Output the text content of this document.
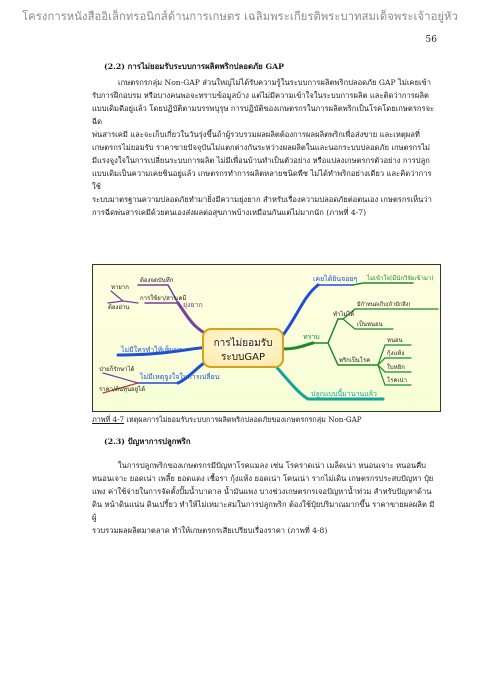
โครงการหนังสืออิเล็กทรอนิกส์ด้านการเกษตร เฉลิมพระเกียรติพระบาทสมเด็จพระเจ้าอยู่หัว
56
(2.2) การไม่ยอมรับระบบการผลิตพริกปลอดภัย GAP
เกษตรกรกลุ่ม Non-GAP ส่วนใหญ่ไม่ได้รับความรู้ในระบบการผลิตพริกปลอดภัย GAP ไม่เคยเข้า
รับการฝึกอบรม หรือบางคนพอจะทราบข้อมูลบ้าง แต่ไม่มีความเข้าใจในระบบการผลิต และติดว่าการผลิต
แบบเดิมดีอยู่แล้ว โดยปฏิบัติตามบรรพบุรุษ การปฏิบัติของเกษตรกรในการผลิตพริกเป็นโรคโดยเกษตรกรจะฉีด
พ่นสารเคมี และจะเก็บเกี่ยวในวันรุ่งขึ้นถ้าผู้รวบรวมผลผลิตต้องการผลผลิตพริกเพื่อส่งขาย และเหตุผลที่
เกษตรกรไม่ยอมรับ ราคาขายปัจจุบันไม่แตกต่างกันระหว่างผลผลิตในและนอกระบบปลอดภัย เกษตรกรไม่
มีแรงจูงใจในการเปลี่ยนระบบการผลิต ไม่มีเพื่อนบ้านทำเป็นตัวอย่าง หรือแปลงเกษตรกรตัวอย่าง การปลูก
แบบเดิมเป็นความเคยชินอยู่แล้ว เกษตรกรทำการผลิตหลายชนิดพืช ไม่ได้ทำพริกอย่างเดียว และคิดว่าการใช้
ระบบมาตรฐานความปลอดภัยทำมายิ่งมีความยุ่งยาก สำหรับเรื่องความปลอดภัยต่อตนเอง เกษตรกรเห็นว่า
การฉีดพ่นสารเคมีด้วยตนเองส่งผลต่อสุขภาพบ้างเหมือนกันแต่ไม่มากนัก (ภาพที่ 4-7)
การไม่ยอมรับ
ระบบGAP
ยุ่งยาก
ต้องจดบันทึก
การใช้ยา/สารเคมี
หายาก
ต้องอ่าน
ไม่มีใครทำให้เห็นผล
ไม่มีเหตุจูงใจในการเปลี่ยน
ป่ายก็รักษาได้
ราคา/ต้นทุนอยู่ได้
เคยได้ยินจอยๆ ไม่เข้าใจ(มีนักวิจัยเข้ามา)
ทราบ
ทำไม่ได้
มีกำหนดเก็บ(ถ้ามีกลึง)
เป็นหนอน
พริกเป็นโรค
หนอน
กุ้งแห้ง
ใบหยิก
โรคเน่า
ปลูกแบบนี้มานานแล้ว
ภาพที่ 4-7 เหตุผลการไม่ยอมรับระบบการผลิตพริกปลอดภัยของเกษตรกรกลุ่ม Non-GAP
(2.3) ปัญหาการปลูกพริก
ในการปลูกพริกของเกษตรกรมีปัญหาโรคแมลง เช่น โรคราดเน่า เมล็ดเน่า หนอนเจาะ หนอนคืบ
หนอนเจาะ ยอดเน่า เพลี้ย ยอดแดง เชื้อรา กุ้งแห้ง ยอดเน่า โคนเน่า รากไม่เดิน เกษตรกรประสบปัญหา ปุ๋ย
แพง ค่าใช้จ่ายในการจัดตั้งปั๊มน้ำบาดาล น้ำมันแพง บางช่วงเกษตรกรเจอปัญหาน้ำท่วม สำหรับปัญหาด้าน
ดิน หน้าดินแน่น ดินเปรี้ยว ทำให้ไม่เหมาะสมในการปลูกพริก ต้องใช้ปุ๋ยปริมาณมากขึ้น ราคาขายผลผลิต มีผู้
รวบรวมผลผลิตมาตลาด ทำให้เกษตรกรเสียเปรียบเรื่องราคา (ภาพที่ 4-8)
